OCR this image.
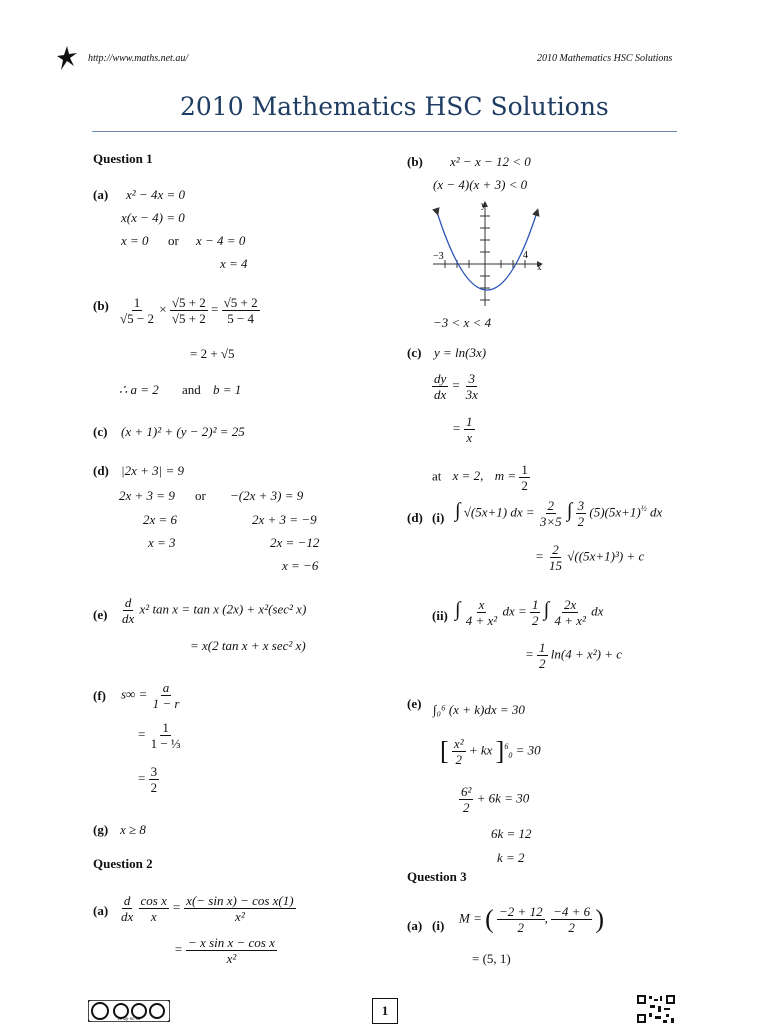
http://www.maths.net.au/	2010 Mathematics HSC Solutions
2010 Mathematics HSC Solutions
Question 1
(a) x² − 4x = 0
x(x − 4) = 0
x = 0 or x − 4 = 0
x = 4
$(b) \frac{1}{√5 - 2} \times \frac{√5 + 2}{√5 + 2} = \frac{√5 + 2}{5 - 4}$
= 2 + √5
∴ a = 2 and b = 1
(c) (x + 1)² + (y − 2)² = 25
(d) |2x + 3| = 9
2x + 3 = 9 or −(2x + 3) = 9
2x = 6	2x + 3 = −9
x = 3	2x = −12
x = −6
$(e) \frac{d}{dx} x^2$ tan x = tan x (2x) + x²(sec² x)
= x(2 tan x + x sec² x)
(f) $s\infty = \frac{a}{1 - r}$
= $\frac{1}{\text{1 − ⅓}}$
= $\frac{3}{2}$
(g) x ≥ 8
Question 2
$(a) \frac{d}{dx}$
$\frac{\text{cos x}}{x} = \frac{\text{x(− sin x) − cos x(1)}}{\text{x²}}$
= $\frac{\text{− x sin x − cos x}}{\text{x²}}$
(b) x² − x − 12 < 0
(x − 4)(x + 3) < 0
y
x
−3	4
−3 < x < 4
(c) y = ln(3x)
$\frac{dy}{dx} = \frac{3}{3x}$
= $\frac{1}{x}$
at x = 2, $m = \frac{1}{2}$
(d) (i) ∫ √(5x+1) dx = $\frac{2}{3\times 5}$ ∫ $\frac{3}{2} (5)(5x+1)^{\frac{1}{2}}$ dx
= $\frac{2}{15} √((5x+1)^3) + c$
(ii) ∫ $\frac{x}{\text{4 + x²}}$ dx = $\frac{1}{2}$ ∫ $\frac{2x}{\text{4 + x²}}$ dx
= $\frac{1}{2} \ln(4 + x^2) + c$
(e) ∫₀⁶ (x + k)dx = 30
[ $\frac{\text{x²}}{2}$ + kx ]$^6_0$ = 30
$\frac{\text{6²}}{2} + 6k = 30$
6k = 12
k = 2
Question 3
(a) (i)
M = ( $\frac{-2 + 12}{2}$ , $\frac{-4 + 6}{2}$ )
= (5, 1)
cc by-nc-sa
1
